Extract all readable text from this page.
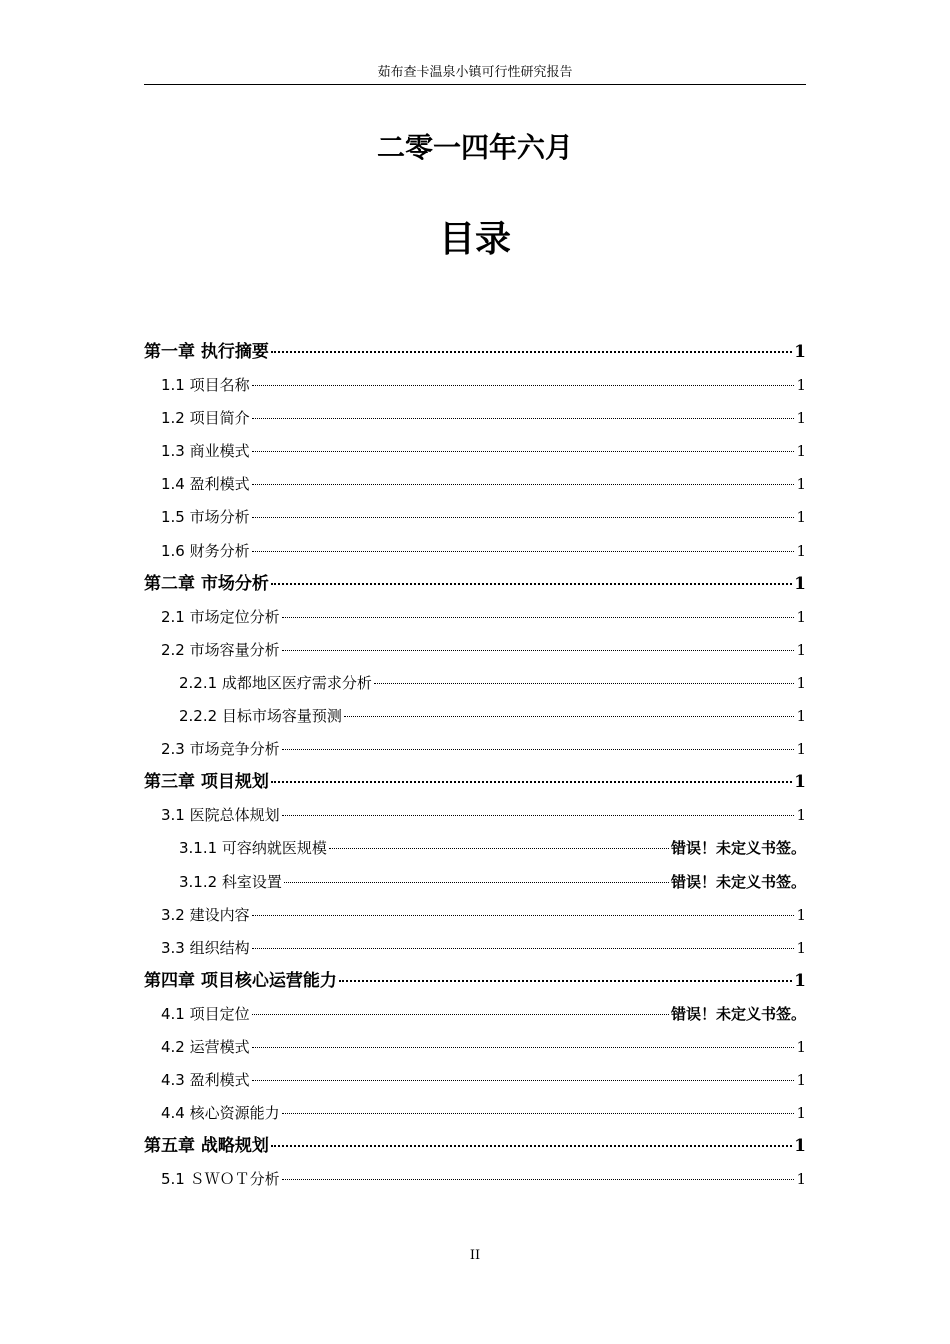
茹布查卡温泉小镇可行性研究报告
二零一四年六月
目录
第一章 执行摘要	1
1.1 项目名称	1
1.2 项目简介	1
1.3 商业模式	1
1.4 盈利模式	1
1.5 市场分析	1
1.6 财务分析	1
第二章 市场分析	1
2.1 市场定位分析	1
2.2 市场容量分析	1
2.2.1 成都地区医疗需求分析	1
2.2.2 目标市场容量预测	1
2.3 市场竞争分析	1
第三章 项目规划	1
3.1 医院总体规划	1
3.1.1 可容纳就医规模	错误！未定义书签。
3.1.2 科室设置	错误！未定义书签。
3.2 建设内容	1
3.3 组织结构	1
第四章 项目核心运营能力	1
4.1 项目定位	错误！未定义书签。
4.2 运营模式	1
4.3 盈利模式	1
4.4 核心资源能力	1
第五章 战略规划	1
5.1 ＳＷＯＴ分析	1
II
